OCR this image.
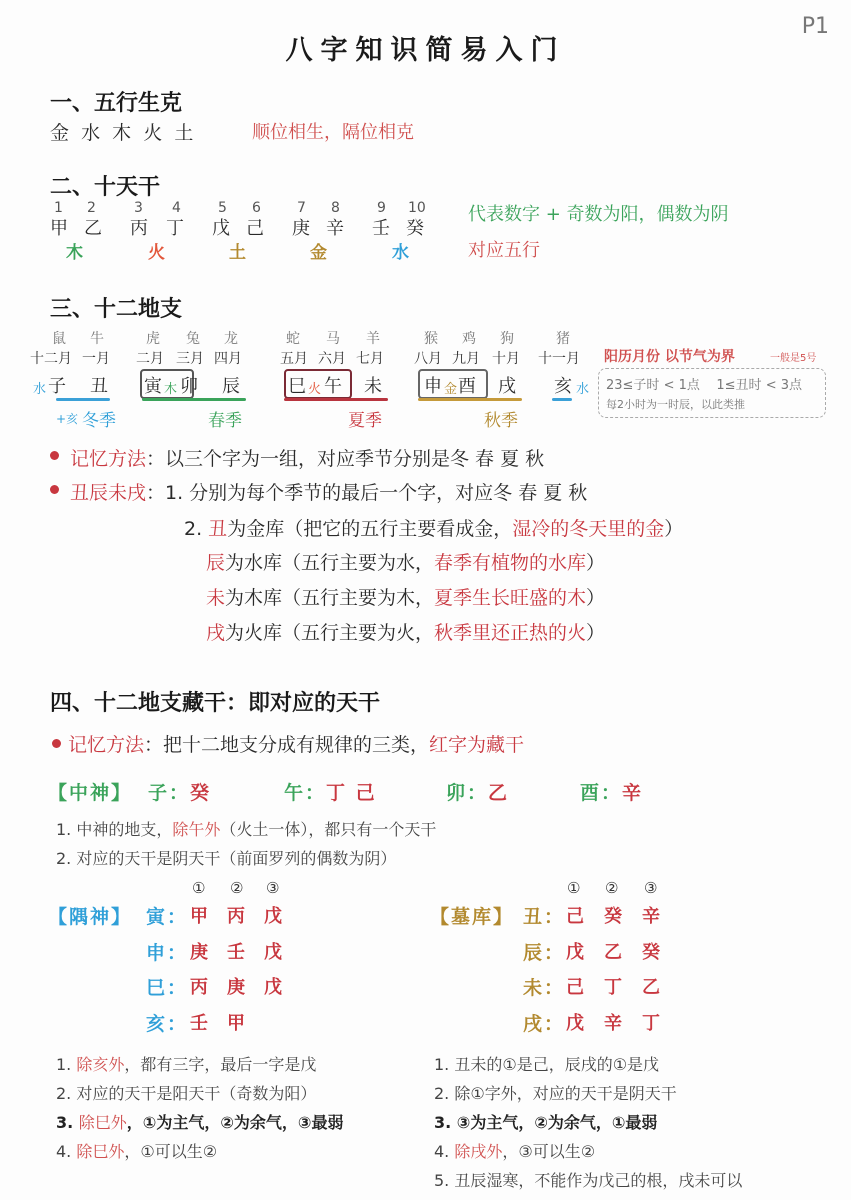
P1
八字知识简易入门
一、五行生克
金  水  木  火  土	顺位相生，隔位相克
二、十天干
1 2	3 4	5 6	7 8	9 10
甲 乙 丙 丁 戊 己 庚 辛 壬 癸
木	火	土	金	水
代表数字 + 奇数为阳，偶数为阴
对应五行
三、十二地支
鼠 牛	虎 兔 龙	蛇 马 羊	猴 鸡 狗	猪
十二月 一月 二月 三月 四月	五月 六月 七月 八月 九月 十月 十一月
水 子 丑 寅 木 卯 辰	巳 火 午 未 申 金 酉 戌 亥 水
+亥 冬季	春季	夏季	秋季
阳历月份 以节气为界	一般是5号
23≤子时 < 1点    1≤丑时 < 3点
每2小时为一时辰，以此类推
记忆方法：以三个字为一组，对应季节分别是冬 春 夏 秋
丑辰未戌：1. 分别为每个季节的最后一个字，对应冬 春 夏 秋
2. 丑为金库（把它的五行主要看成金，湿冷的冬天里的金）
辰为水库（五行主要为水，春季有植物的水库）
未为木库（五行主要为木，夏季生长旺盛的木）
戌为火库（五行主要为火，秋季里还正热的火）
四、十二地支藏干：即对应的天干
记忆方法：把十二地支分成有规律的三类，红字为藏干
【中神】 子：癸	午：丁 己	卯：乙	酉：辛
1. 中神的地支，除午外（火土一体），都只有一个天干
2. 对应的天干是阴天干（前面罗列的偶数为阴）
① ② ③	① ② ③
【隅神】 寅： 甲 丙 戊
申： 庚 壬 戊
巳： 丙 庚 戊
亥： 壬 甲
【墓库】 丑： 己 癸 辛
辰： 戊 乙 癸
未： 己 丁 乙
戌： 戊 辛 丁
1. 除亥外，都有三字，最后一字是戊
2. 对应的天干是阳天干（奇数为阳）
3. 除巳外，①为主气，②为余气，③最弱
4. 除巳外，①可以生②
1. 丑未的①是己，辰戌的①是戊
2. 除①字外，对应的天干是阴天干
3. ③为主气，②为余气，①最弱
4. 除戌外，③可以生②
5. 丑辰湿寒，不能作为戊己的根，戌未可以
